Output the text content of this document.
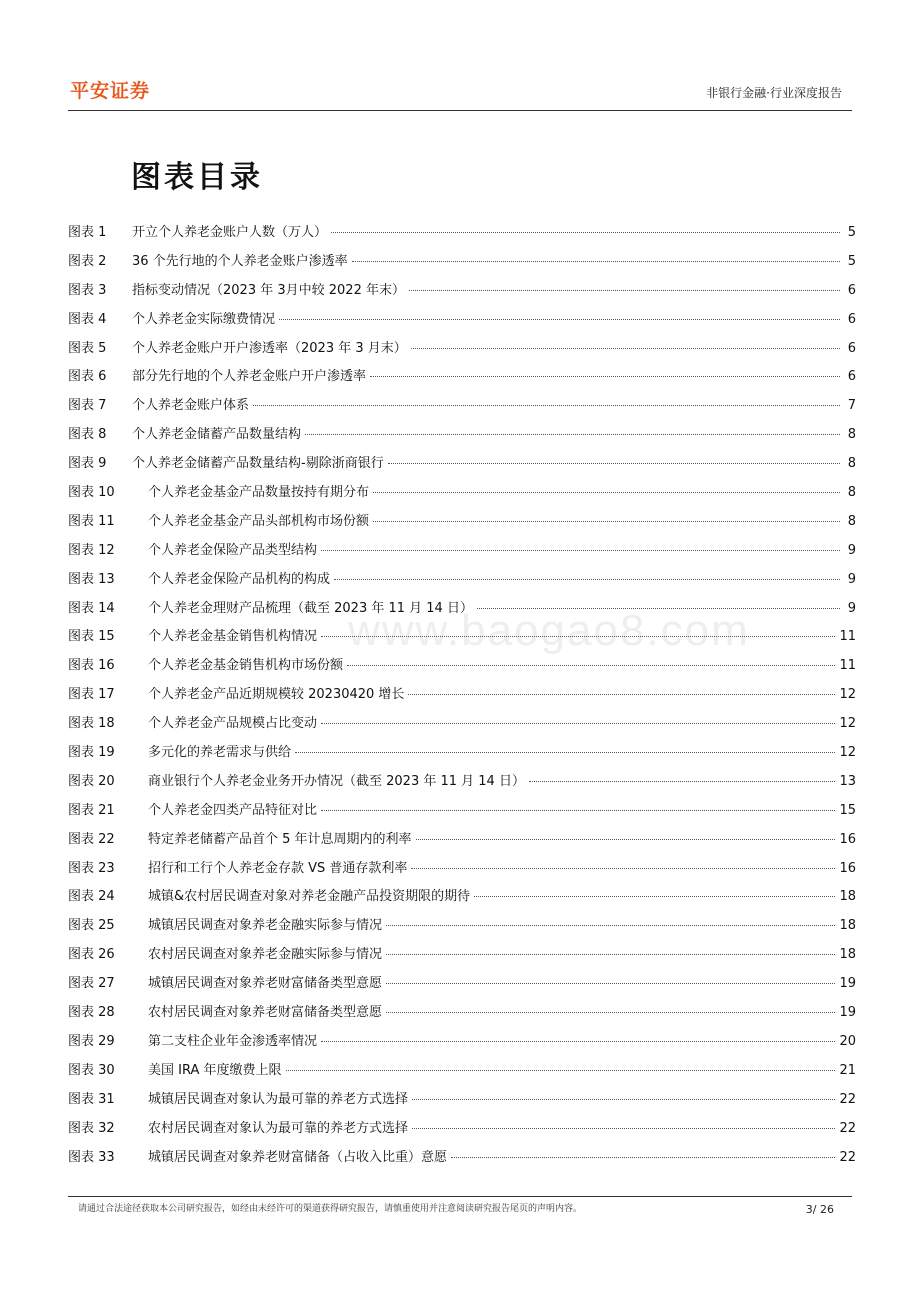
平安证券	非银行金融·行业深度报告
图表目录
图表 1	开立个人养老金账户人数（万人）	5
图表 2	36 个先行地的个人养老金账户渗透率	5
图表 3	指标变动情况（2023 年 3月中较 2022 年末）	6
图表 4	个人养老金实际缴费情况	6
图表 5	个人养老金账户开户渗透率（2023 年 3 月末）	6
图表 6	部分先行地的个人养老金账户开户渗透率	6
图表 7	个人养老金账户体系	7
图表 8	个人养老金储蓄产品数量结构	8
图表 9	个人养老金储蓄产品数量结构-剔除浙商银行	8
图表 10	个人养老金基金产品数量按持有期分布	8
图表 11	个人养老金基金产品头部机构市场份额	8
图表 12	个人养老金保险产品类型结构	9
图表 13	个人养老金保险产品机构的构成	9
图表 14	个人养老金理财产品梳理（截至 2023 年 11 月 14 日）	9
图表 15	个人养老金基金销售机构情况	11
图表 16	个人养老金基金销售机构市场份额	11
图表 17	个人养老金产品近期规模较 20230420 增长	12
图表 18	个人养老金产品规模占比变动	12
图表 19	多元化的养老需求与供给	12
图表 20	商业银行个人养老金业务开办情况（截至 2023 年 11 月 14 日）	13
图表 21	个人养老金四类产品特征对比	15
图表 22	特定养老储蓄产品首个 5 年计息周期内的利率	16
图表 23	招行和工行个人养老金存款 VS 普通存款利率	16
图表 24	城镇&农村居民调查对象对养老金融产品投资期限的期待	18
图表 25	城镇居民调查对象养老金融实际参与情况	18
图表 26	农村居民调查对象养老金融实际参与情况	18
图表 27	城镇居民调查对象养老财富储备类型意愿	19
图表 28	农村居民调查对象养老财富储备类型意愿	19
图表 29	第二支柱企业年金渗透率情况	20
图表 30	美国 IRA 年度缴费上限	21
图表 31	城镇居民调查对象认为最可靠的养老方式选择	22
图表 32	农村居民调查对象认为最可靠的养老方式选择	22
图表 33	城镇居民调查对象养老财富储备（占收入比重）意愿	22
www.baogao8.com
请通过合法途径获取本公司研究报告，如经由未经许可的渠道获得研究报告，请慎重使用并注意阅读研究报告尾页的声明内容。	3/ 26
